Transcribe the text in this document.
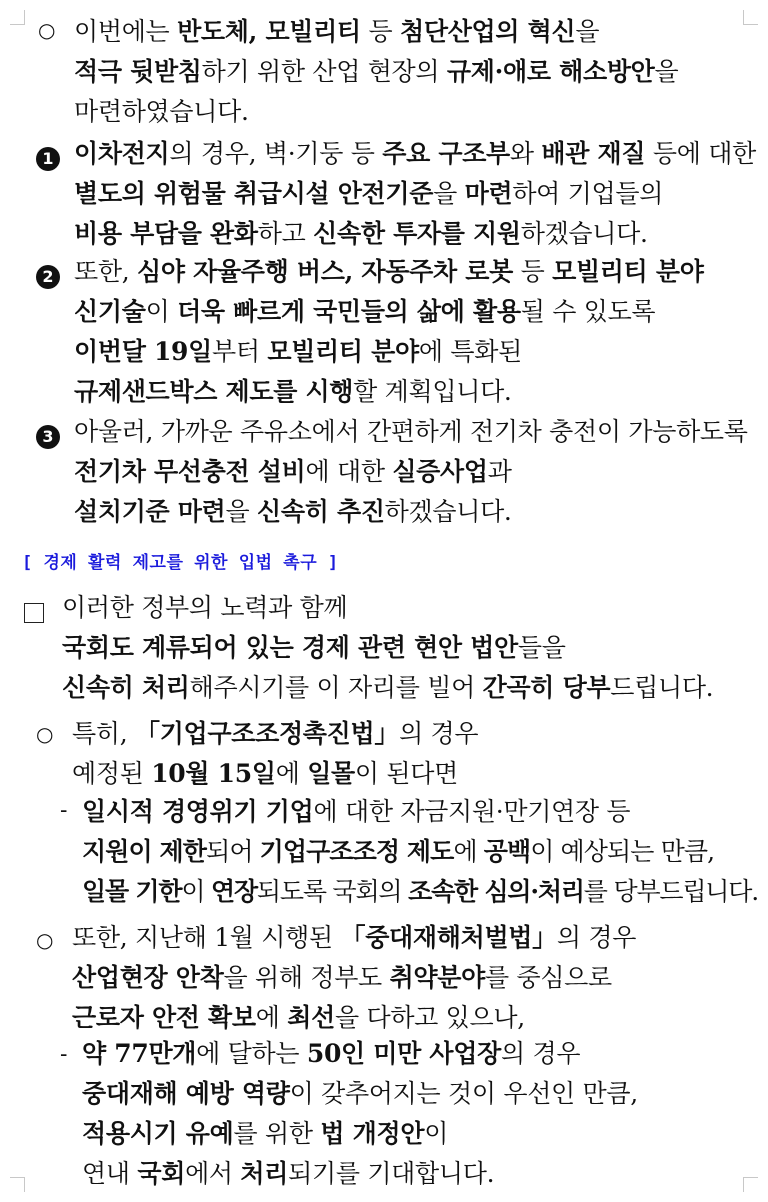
○ 이번에는 반도체, 모빌리티 등 첨단산업의 혁신을
적극 뒷받침하기 위한 산업 현장의 규제·애로 해소방안을
마련하였습니다.
1 이차전지의 경우, 벽·기둥 등 주요 구조부와 배관 재질 등에 대한
별도의 위험물 취급시설 안전기준을 마련하여 기업들의
비용 부담을 완화하고 신속한 투자를 지원하겠습니다.
2 또한, 심야 자율주행 버스, 자동주차 로봇 등 모빌리티 분야
신기술이 더욱 빠르게 국민들의 삶에 활용될 수 있도록
이번달 19일부터 모빌리티 분야에 특화된
규제샌드박스 제도를 시행할 계획입니다.
3 아울러, 가까운 주유소에서 간편하게 전기차 충전이 가능하도록
전기차 무선충전 설비에 대한 실증사업과
설치기준 마련을 신속히 추진하겠습니다.
[ 경제 활력 제고를 위한 입법 촉구 ]
이러한 정부의 노력과 함께
국회도 계류되어 있는 경제 관련 현안 법안들을
신속히 처리해주시기를 이 자리를 빌어 간곡히 당부드립니다.
○ 특히, 「기업구조조정촉진법」의 경우
예정된 10월 15일에 일몰이 된다면
- 일시적 경영위기 기업에 대한 자금지원·만기연장 등
지원이 제한되어 기업구조조정 제도에 공백이 예상되는 만큼,
일몰 기한이 연장되도록 국회의 조속한 심의·처리를 당부드립니다.
○ 또한, 지난해 1월 시행된 「중대재해처벌법」의 경우
산업현장 안착을 위해 정부도 취약분야를 중심으로
근로자 안전 확보에 최선을 다하고 있으나,
- 약 77만개에 달하는 50인 미만 사업장의 경우
중대재해 예방 역량이 갖추어지는 것이 우선인 만큼,
적용시기 유예를 위한 법 개정안이
연내 국회에서 처리되기를 기대합니다.
